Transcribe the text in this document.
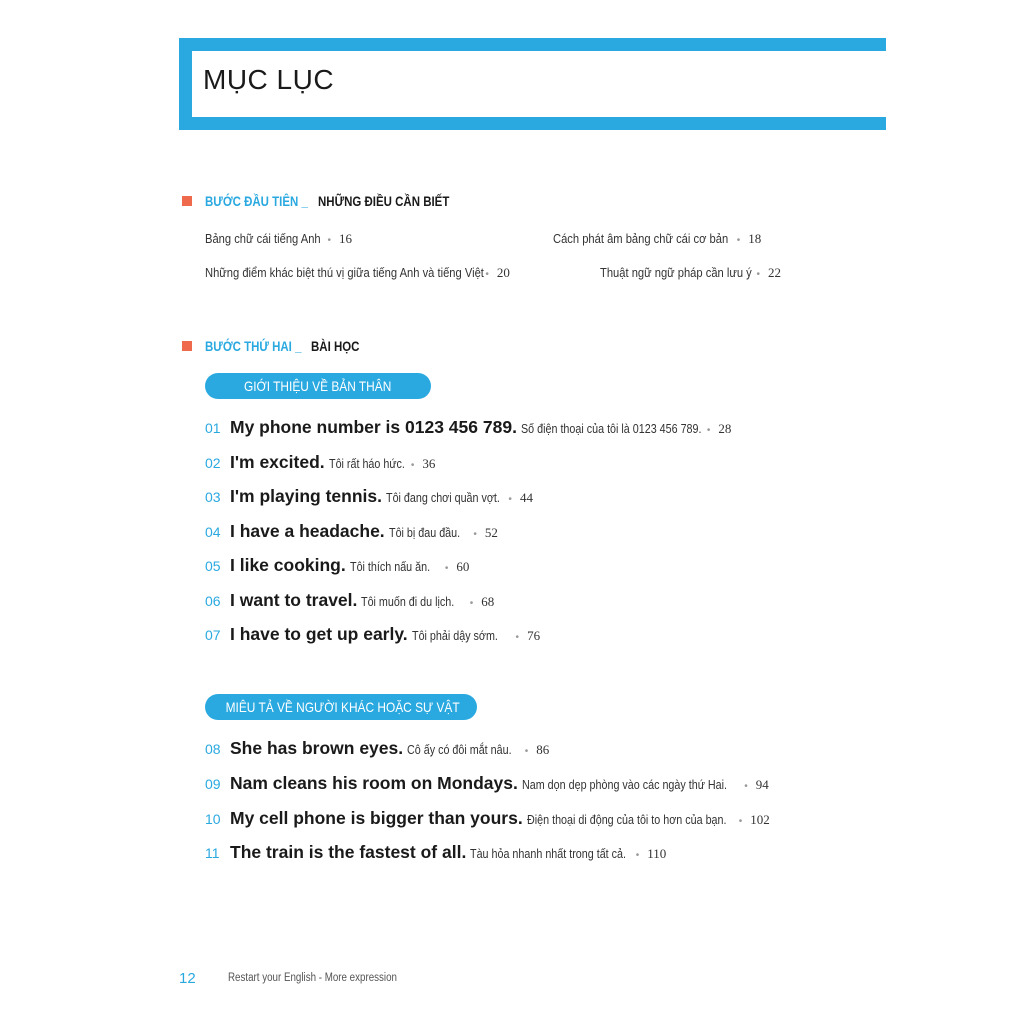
MỤC LỤC
BƯỚC ĐẦU TIÊN _ NHỮNG ĐIỀU CẦN BIẾT
Bảng chữ cái tiếng Anh • 16	Cách phát âm bảng chữ cái cơ bản • 18
Những điểm khác biệt thú vị giữa tiếng Anh và tiếng Việt • 20	Thuật ngữ ngữ pháp cần lưu ý • 22
BƯỚC THỨ HAI _ BÀI HỌC
GIỚI THIỆU VỀ BẢN THÂN
01 My phone number is 0123 456 789. Số điện thoại của tôi là 0123 456 789. • 28
02 I'm excited. Tôi rất háo hức. • 36
03 I'm playing tennis. Tôi đang chơi quần vợt. • 44
04 I have a headache. Tôi bị đau đầu. • 52
05 I like cooking. Tôi thích nấu ăn. • 60
06 I want to travel. Tôi muốn đi du lịch. • 68
07 I have to get up early. Tôi phải dậy sớm. • 76
MIÊU TẢ VỀ NGƯỜI KHÁC HOẶC SỰ VẬT
08 She has brown eyes. Cô ấy có đôi mắt nâu. • 86
09 Nam cleans his room on Mondays. Nam dọn dẹp phòng vào các ngày thứ Hai. • 94
10 My cell phone is bigger than yours. Điện thoại di động của tôi to hơn của bạn. • 102
11 The train is the fastest of all. Tàu hỏa nhanh nhất trong tất cả. • 110
12	Restart your English - More expression
